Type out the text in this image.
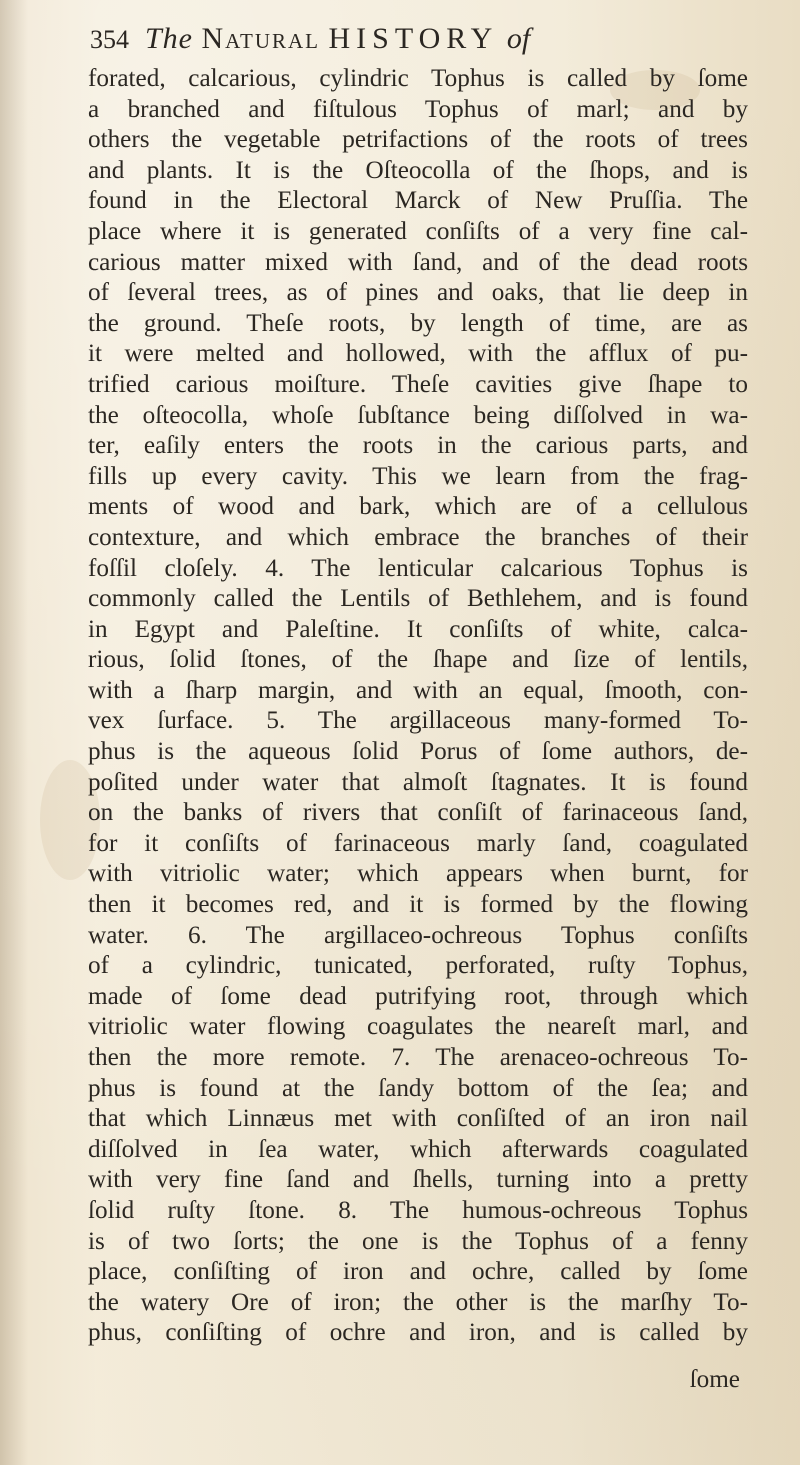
354 The Natural HISTORY of
forated, calcarious, cylindric Tophus is called by ſome
a branched and fiſtulous Tophus of marl; and by
others the vegetable petrifactions of the roots of trees
and plants. It is the Oſteocolla of the ſhops, and is
found in the Electoral Marck of New Pruſſia. The
place where it is generated conſiſts of a very fine cal-
carious matter mixed with ſand, and of the dead roots
of ſeveral trees, as of pines and oaks, that lie deep in
the ground. Theſe roots, by length of time, are as
it were melted and hollowed, with the afflux of pu-
trified carious moiſture. Theſe cavities give ſhape to
the oſteocolla, whoſe ſubſtance being diſſolved in wa-
ter, eaſily enters the roots in the carious parts, and
fills up every cavity. This we learn from the frag-
ments of wood and bark, which are of a cellulous
contexture, and which embrace the branches of their
foſſil cloſely. 4. The lenticular calcarious Tophus is
commonly called the Lentils of Bethlehem, and is found
in Egypt and Paleſtine. It conſiſts of white, calca-
rious, ſolid ſtones, of the ſhape and ſize of lentils,
with a ſharp margin, and with an equal, ſmooth, con-
vex ſurface. 5. The argillaceous many-formed To-
phus is the aqueous ſolid Porus of ſome authors, de-
poſited under water that almoſt ſtagnates. It is found
on the banks of rivers that conſiſt of farinaceous ſand,
for it conſiſts of farinaceous marly ſand, coagulated
with vitriolic water; which appears when burnt, for
then it becomes red, and it is formed by the flowing
water. 6. The argillaceo-ochreous Tophus conſiſts
of a cylindric, tunicated, perforated, ruſty Tophus,
made of ſome dead putrifying root, through which
vitriolic water flowing coagulates the neareſt marl, and
then the more remote. 7. The arenaceo-ochreous To-
phus is found at the ſandy bottom of the ſea; and
that which Linnæus met with conſiſted of an iron nail
diſſolved in ſea water, which afterwards coagulated
with very fine ſand and ſhells, turning into a pretty
ſolid ruſty ſtone. 8. The humous-ochreous Tophus
is of two ſorts; the one is the Tophus of a fenny
place, conſiſting of iron and ochre, called by ſome
the watery Ore of iron; the other is the marſhy To-
phus, conſiſting of ochre and iron, and is called by
ſome
